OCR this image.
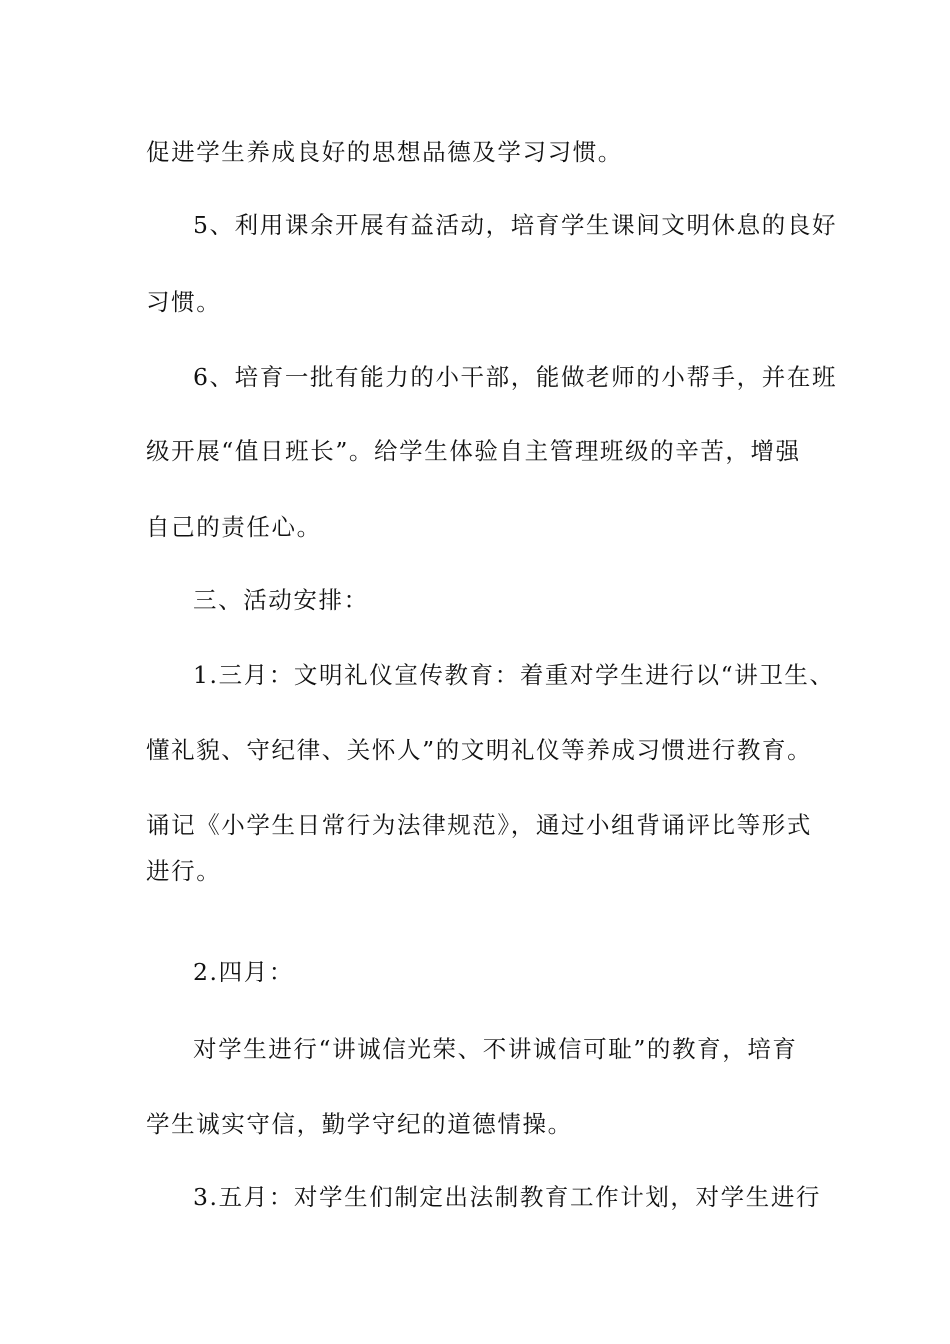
促进学生养成良好的思想品德及学习习惯。
5、利用课余开展有益活动，培育学生课间文明休息的良好
习惯。
6、培育一批有能力的小干部，能做老师的小帮手，并在班
级开展“值日班长”。给学生体验自主管理班级的辛苦，增强
自己的责任心。
三、活动安排：
1.三月：文明礼仪宣传教育：着重对学生进行以“讲卫生、
懂礼貌、守纪律、关怀人”的文明礼仪等养成习惯进行教育。
诵记《小学生日常行为法律规范》，通过小组背诵评比等形式
进行。
2.四月：
对学生进行“讲诚信光荣、不讲诚信可耻”的教育，培育
学生诚实守信，勤学守纪的道德情操。
3.五月：对学生们制定出法制教育工作计划，对学生进行
